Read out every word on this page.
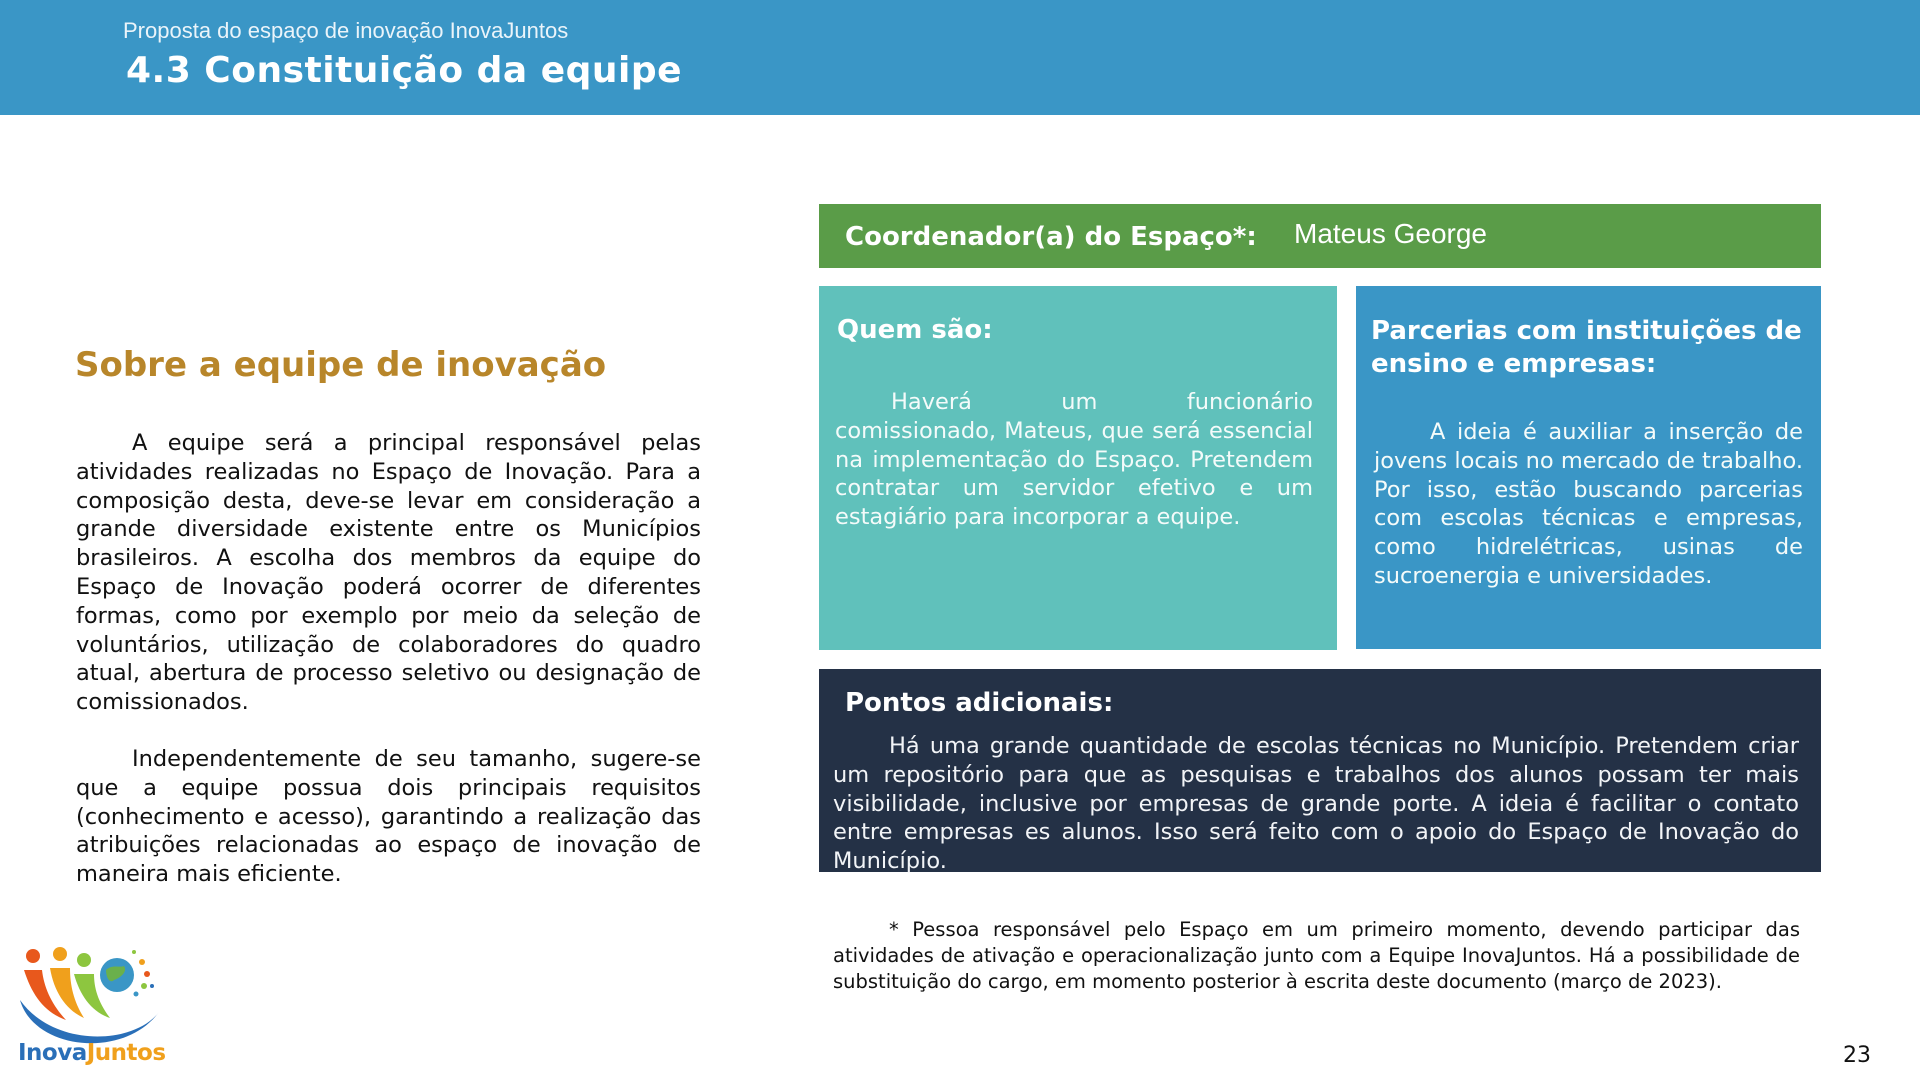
Proposta do espaço de inovação InovaJuntos
4.3 Constituição da equipe
Sobre a equipe de inovação

A equipe será a principal responsável pelas atividades realizadas no Espaço de Inovação. Para a composição desta, deve-se levar em consideração a grande diversidade existente entre os Municípios brasileiros. A escolha dos membros da equipe do Espaço de Inovação poderá ocorrer de diferentes formas, como por exemplo por meio da seleção de voluntários, utilização de colaboradores do quadro atual, abertura de processo seletivo ou designação de comissionados.

Independentemente de seu tamanho, sugere-se que a equipe possua dois principais requisitos (conhecimento e acesso), garantindo a realização das atribuições relacionadas ao espaço de inovação de maneira mais eficiente.

Coordenador(a) do Espaço*: Mateus George
Quem são:

Haverá um funcionário comissionado, Mateus, que será essencial na implementação do Espaço. Pretendem contratar um servidor efetivo e um estagiário para incorporar a equipe.

Parcerias com instituições de ensino e empresas:

A ideia é auxiliar a inserção de jovens locais no mercado de trabalho. Por isso, estão buscando parcerias com escolas técnicas e empresas, como hidrelétricas, usinas de sucroenergia e universidades.

Pontos adicionais:

Há uma grande quantidade de escolas técnicas no Município. Pretendem criar um repositório para que as pesquisas e trabalhos dos alunos possam ter mais visibilidade, inclusive por empresas de grande porte. A ideia é facilitar o contato entre empresas es alunos. Isso será feito com o apoio do Espaço de Inovação do Município.

* Pessoa responsável pelo Espaço em um primeiro momento, devendo participar das atividades de ativação e operacionalização junto com a Equipe InovaJuntos. Há a possibilidade de substituição do cargo, em momento posterior à escrita deste documento (março de 2023).

InovaJuntos	23
